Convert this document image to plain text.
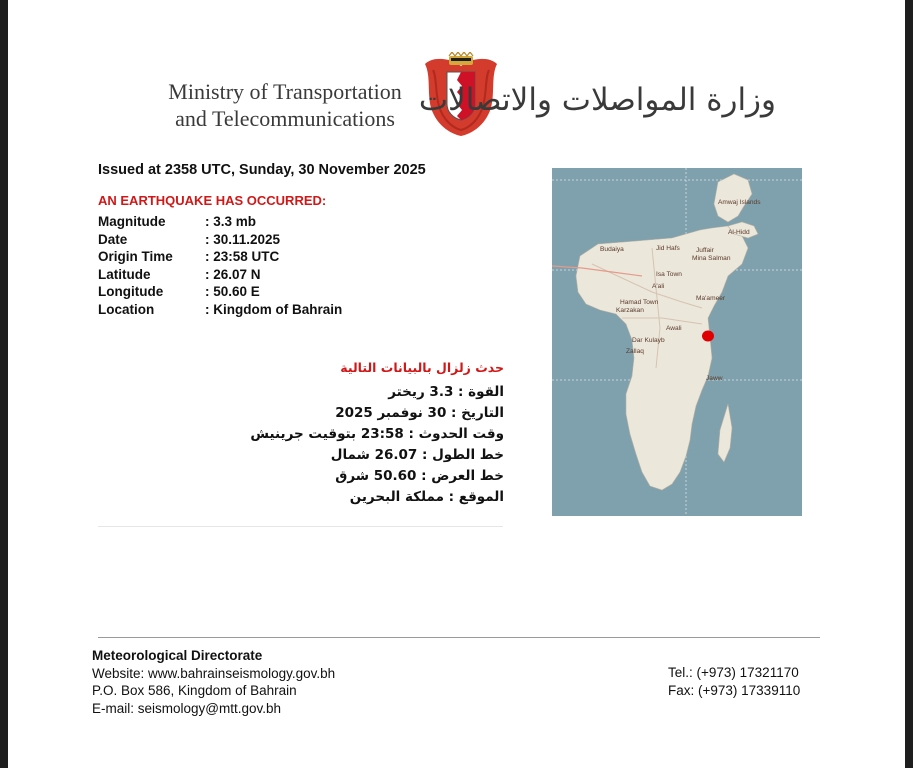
Ministry of Transportation
and Telecommunications
وزارة المواصلات والاتصالات
Issued at 2358 UTC, Sunday, 30 November 2025
AN EARTHQUAKE HAS OCCURRED:
Magnitude	: 3.3 mb
Date	: 30.11.2025
Origin Time : 23:58 UTC
Latitude	: 26.07 N
Longitude	: 50.60 E
Location	: Kingdom of Bahrain
حدث زلزال بالبيانات التالية
القوة : 3.3 ريختر
التاريخ : 30 نوفمبر 2025
وقت الحدوث : 23:58 بتوقيت جرينيش
خط الطول : 26.07 شمال
خط العرض : 50.60 شرق
الموقع : مملكة البحرين
Amwaj Islands
Al-Hidd
Budaiya	Jid Hafs Juffair
Mina Salman
Isa Town
A'ali
Hamad Town
Karzakan
Ma'ameer
Awali
Dar Kulayb
Zallaq
Jaww
Meteorological Directorate
Website: www.bahrainseismology.gov.bh
P.O. Box 586, Kingdom of Bahrain
E-mail: seismology@mtt.gov.bh
Tel.: (+973) 17321170
Fax: (+973) 17339110
